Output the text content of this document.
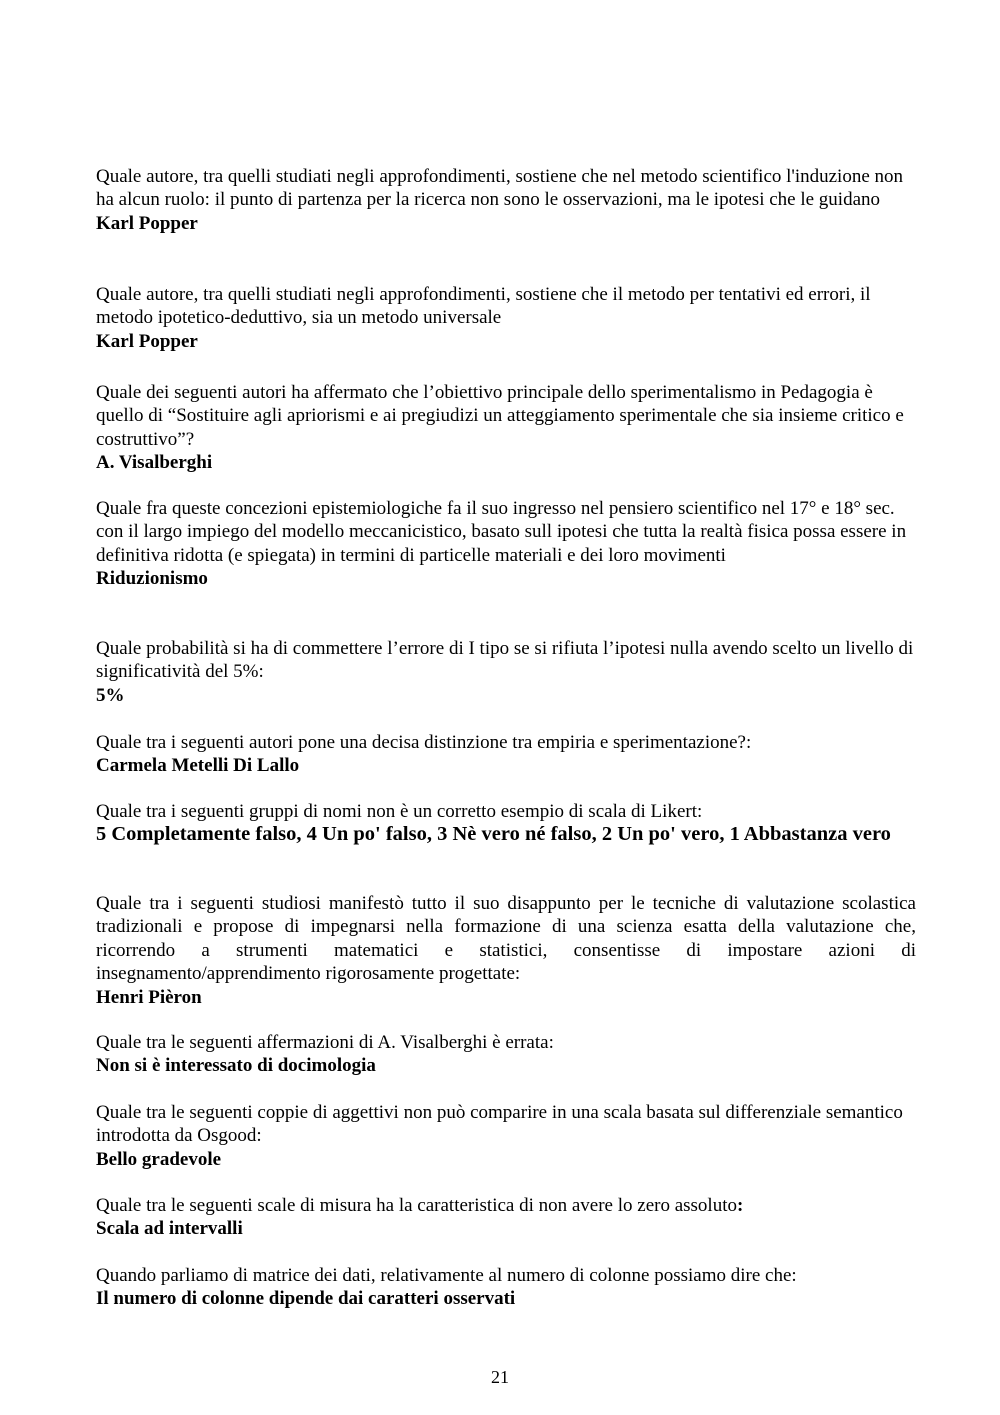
Quale autore, tra quelli studiati negli approfondimenti, sostiene che nel metodo scientifico l'induzione non ha alcun ruolo: il punto di partenza per la ricerca non sono le osservazioni, ma le ipotesi che le guidano

Karl Popper

Quale autore, tra quelli studiati negli approfondimenti, sostiene che il metodo per tentativi ed errori, il metodo ipotetico-deduttivo, sia un metodo universale

Karl Popper

Quale dei seguenti autori ha affermato che l’obiettivo principale dello sperimentalismo in Pedagogia è quello di “Sostituire agli apriorismi e ai pregiudizi un atteggiamento sperimentale che sia insieme critico e costruttivo”?

A. Visalberghi

Quale fra queste concezioni epistemiologiche fa il suo ingresso nel pensiero scientifico nel 17° e 18° sec. con il largo impiego del modello meccanicistico, basato sull ipotesi che tutta la realtà fisica possa essere in definitiva ridotta (e spiegata) in termini di particelle materiali e dei loro movimenti

Riduzionismo

Quale probabilità si ha di commettere l’errore di I tipo se si rifiuta l’ipotesi nulla avendo scelto un livello di significatività del 5%:

5%

Quale tra i seguenti autori pone una decisa distinzione tra empiria e sperimentazione?:

Carmela Metelli Di Lallo

Quale tra i seguenti gruppi di nomi non è un corretto esempio di scala di Likert:

5 Completamente falso, 4 Un po' falso, 3 Nè vero né falso, 2 Un po' vero, 1 Abbastanza vero

Quale tra i seguenti studiosi manifestò tutto il suo disappunto per le tecniche di valutazione scolastica tradizionali e propose di impegnarsi nella formazione di una scienza esatta della valutazione che, ricorrendo a strumenti matematici e statistici, consentisse di impostare azioni di insegnamento/apprendimento rigorosamente progettate:

Henri Pièron

Quale tra le seguenti affermazioni di A. Visalberghi è errata:

Non si è interessato di docimologia

Quale tra le seguenti coppie di aggettivi non può comparire in una scala basata sul differenziale semantico introdotta da Osgood:

Bello gradevole

Quale tra le seguenti scale di misura ha la caratteristica di non avere lo zero assoluto:

Scala ad intervalli

Quando parliamo di matrice dei dati, relativamente al numero di colonne possiamo dire che:

Il numero di colonne dipende dai caratteri osservati

21
